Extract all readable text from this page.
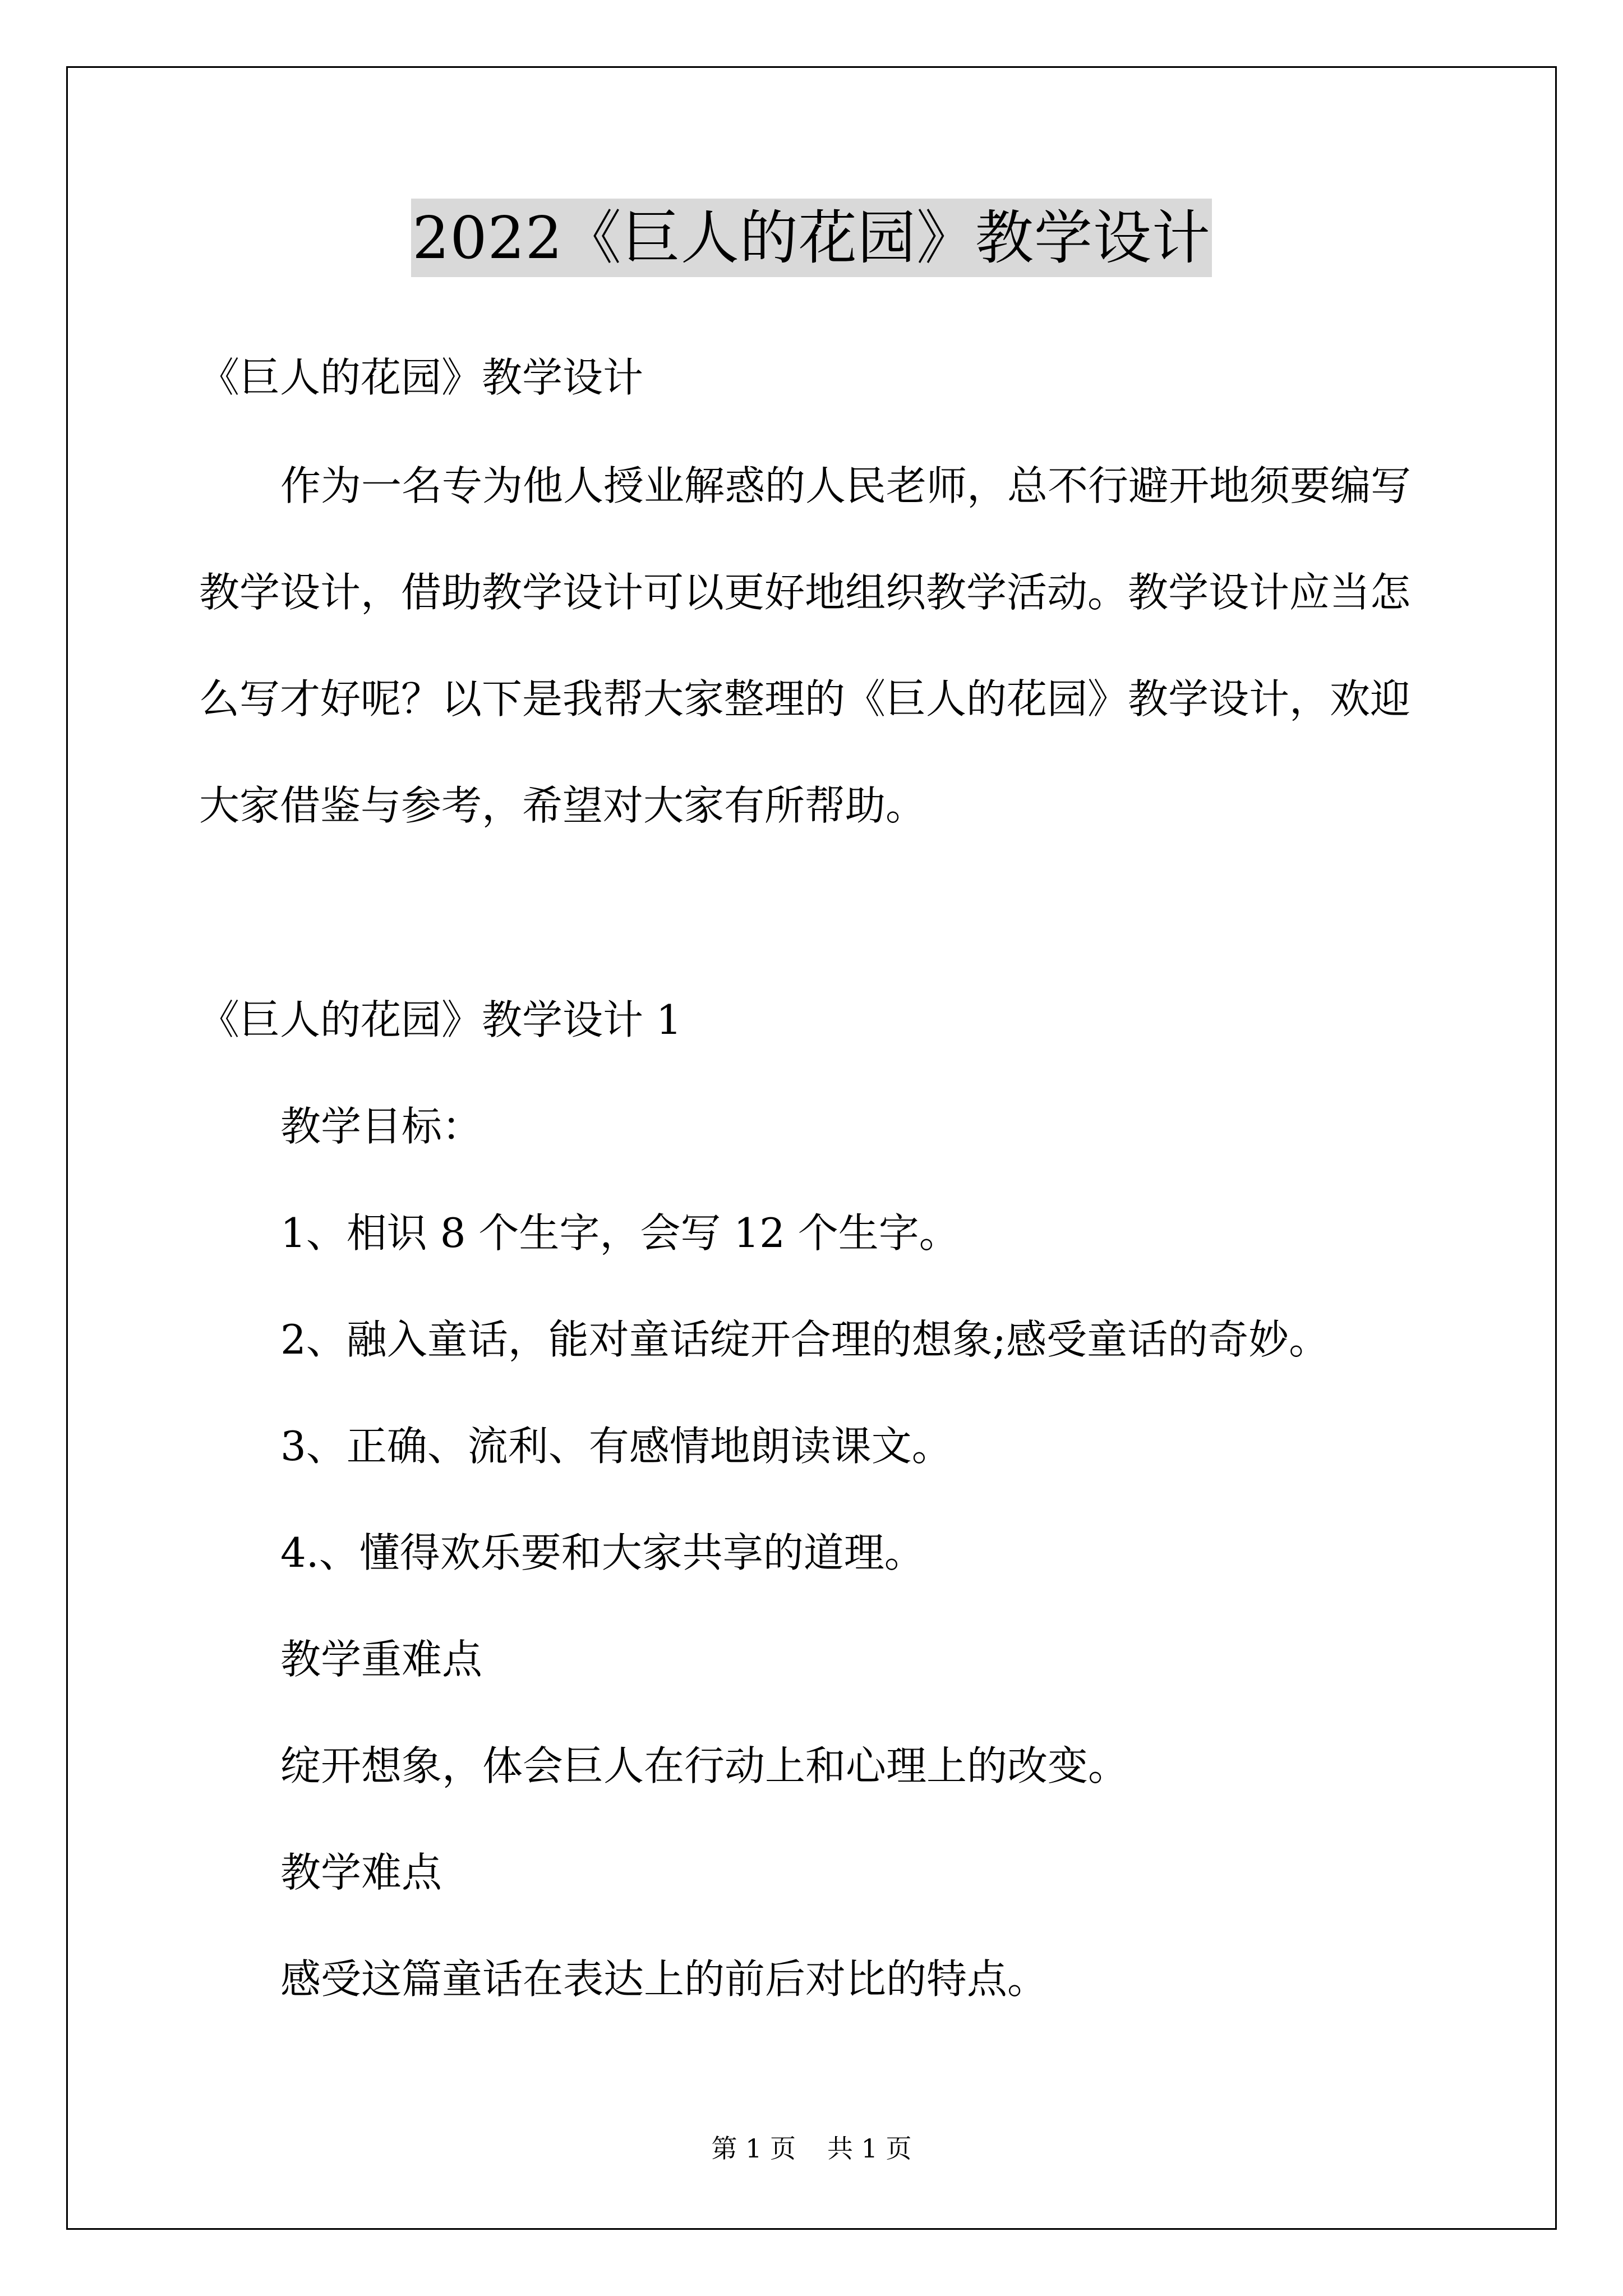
2022《巨人的花园》教学设计
《巨人的花园》教学设计
作为一名专为他人授业解惑的人民老师，总不行避开地须要编写
教学设计，借助教学设计可以更好地组织教学活动。教学设计应当怎
么写才好呢？以下是我帮大家整理的《巨人的花园》教学设计，欢迎
大家借鉴与参考，希望对大家有所帮助。
《巨人的花园》教学设计 1
教学目标：
1、相识 8 个生字，会写 12 个生字。
2、融入童话，能对童话绽开合理的想象;感受童话的奇妙。
3、正确、流利、有感情地朗读课文。
4.、懂得欢乐要和大家共享的道理。
教学重难点
绽开想象，体会巨人在行动上和心理上的改变。
教学难点
感受这篇童话在表达上的前后对比的特点。
第 1 页 共 1 页
